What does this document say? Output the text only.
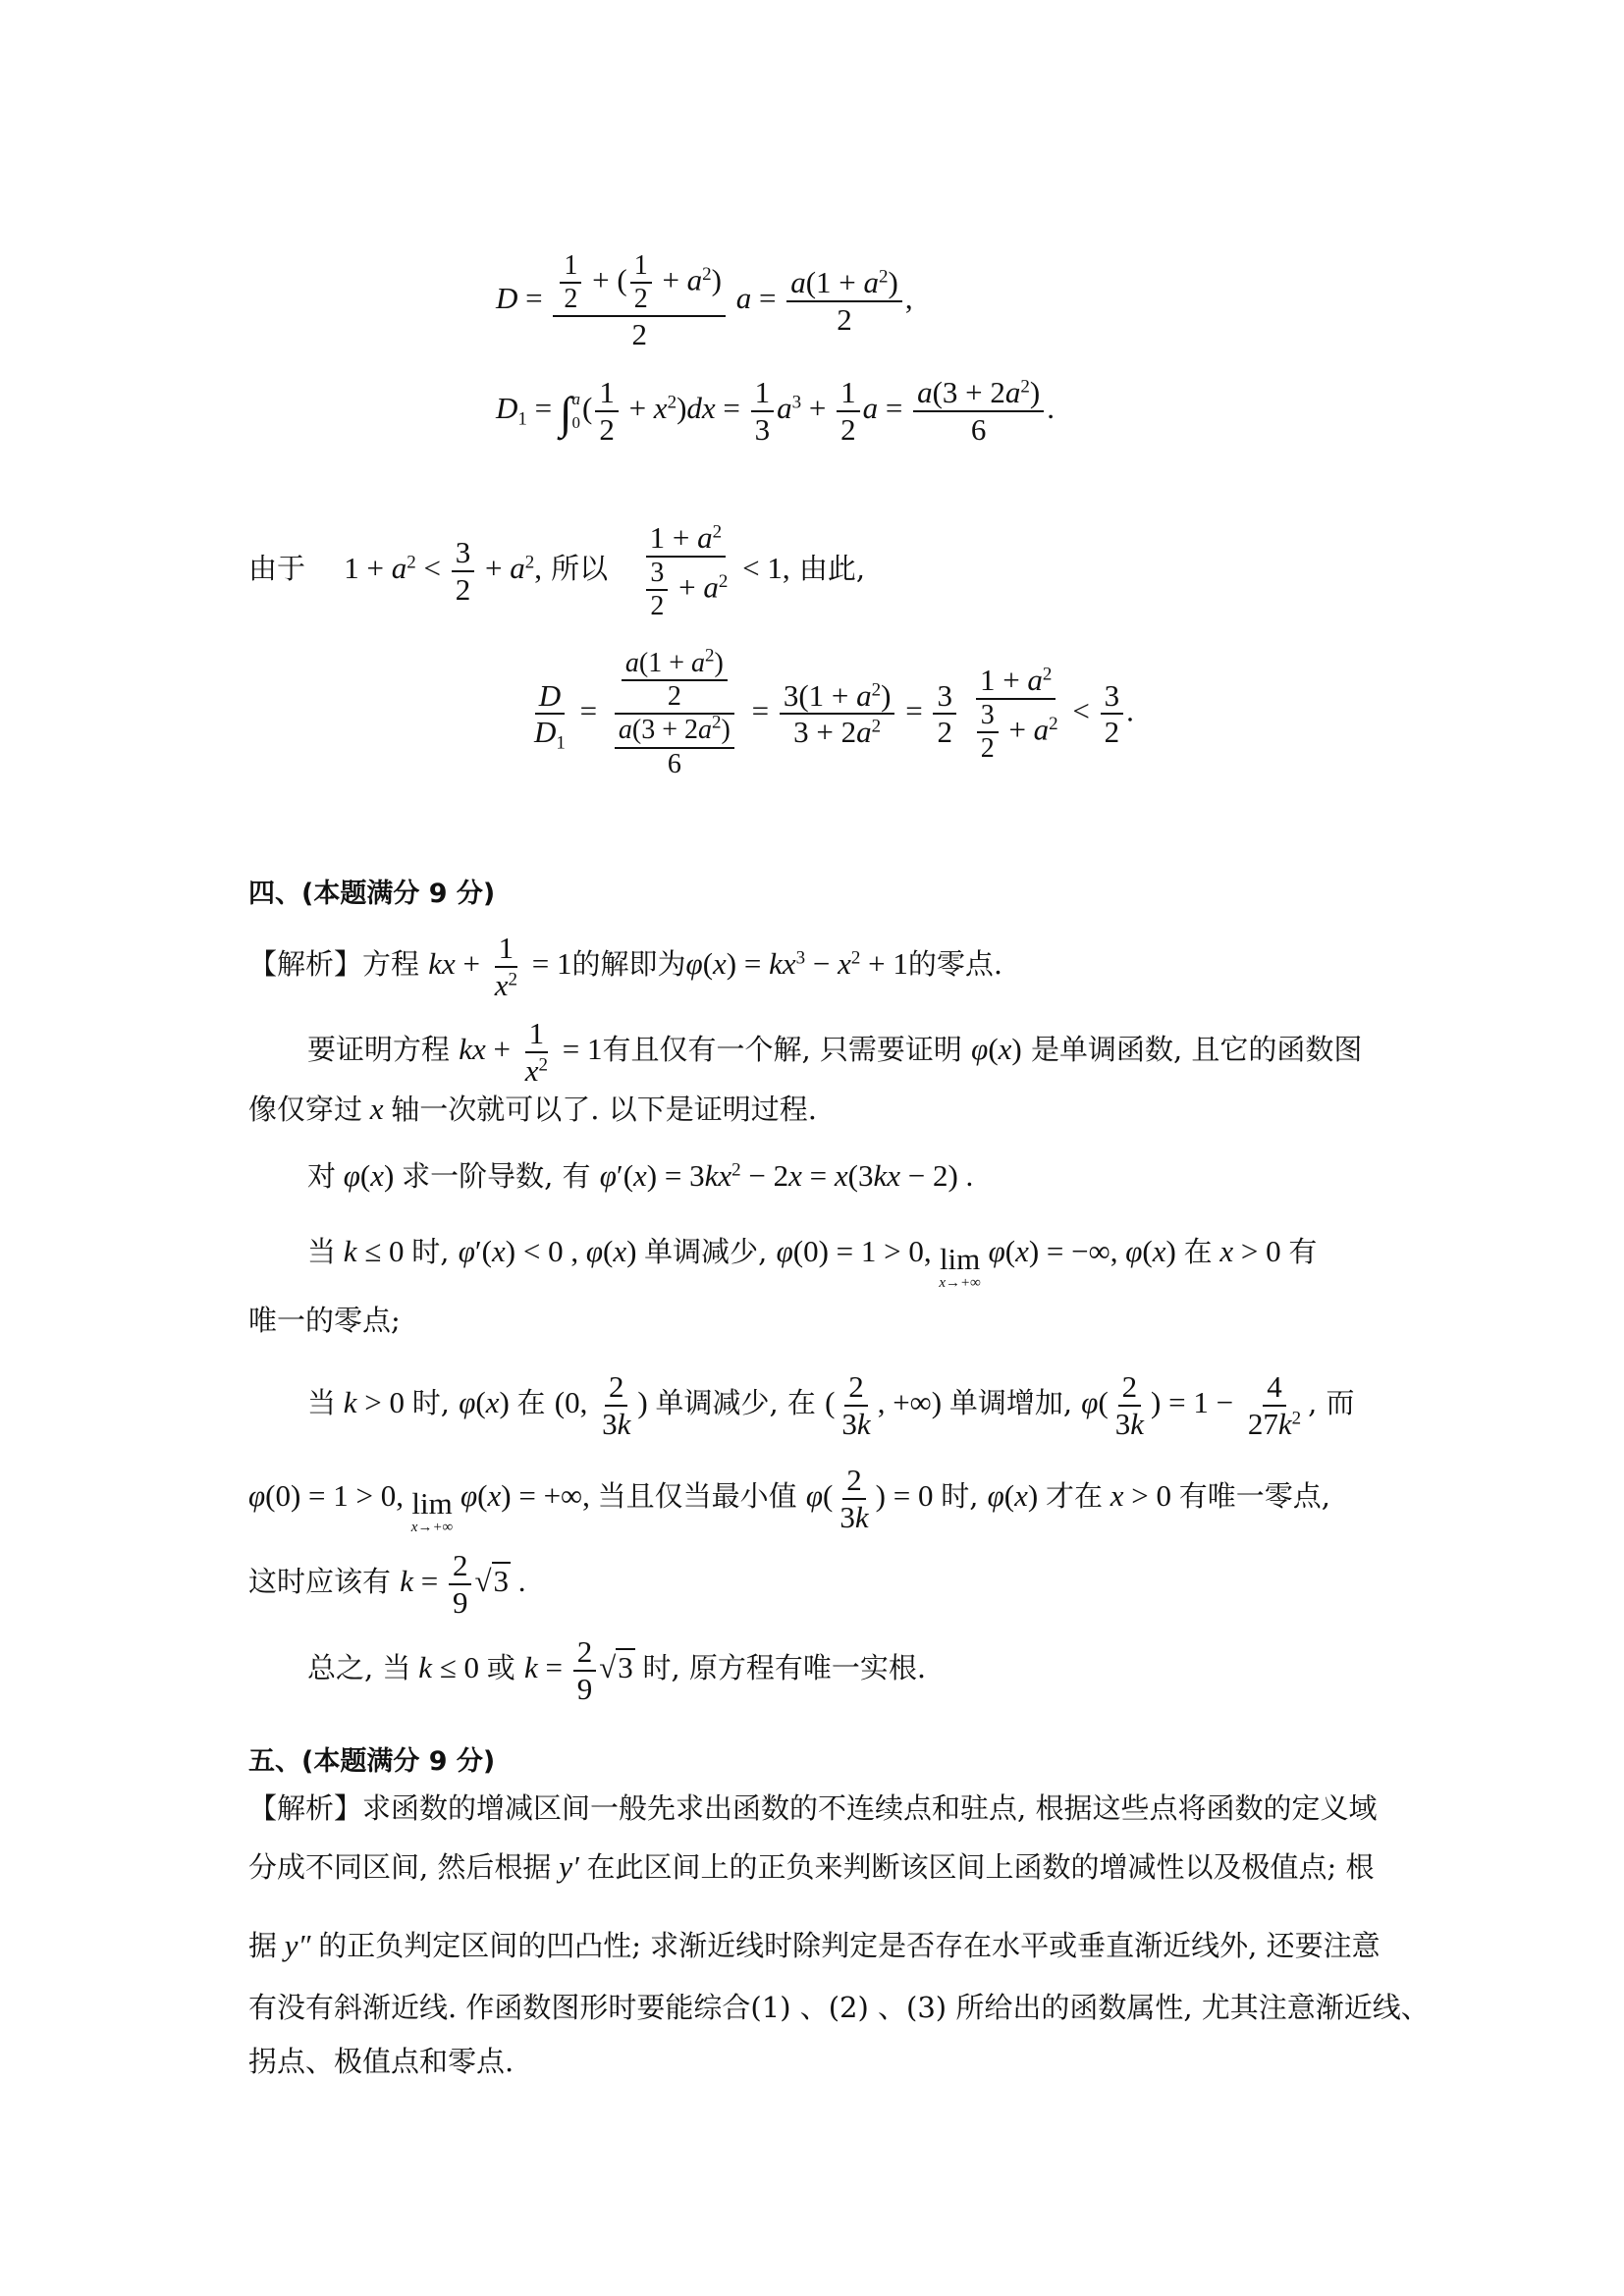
$D = \frac{\frac{1}{2} + ( \frac{1}{2} + a^2)}{2}$ $a = \frac{a(1 + a^2)}{2}$ ,
$D_1$ = ∫ a
0 ( $\frac{1}{2} + x^2)dx = \frac{1}{3} a^3 + \frac{1}{2}$ $a = \frac{a(3 + 2a^2)}{6}$ .
由于 $1 + a^2 < \frac{3}{2} + a^2$, 所以 $\frac{1 + a^2}{\frac{3}{2} + a^2} < 1$, 由此,
$\frac{D}{D_1} = \frac{\frac{a(1 + a^2)}{2}}{\frac{a(3 + 2a^2)}{6}} = \frac{3(1 + a^2)}{3 + 2a^2} = \frac{3}{2}$
$\frac{1 + a^2}{\frac{3}{2} + a^2} < \frac{3}{2}$ .
四、(本题满分 9 分)
【解析】方程 kx + $\frac{1}{x^2} = 1$的解即为$\varphi(x) = kx^3 - x^2 + 1$的零点.
要证明方程 kx + $\frac{1}{x^2} = 1$有且仅有一个解, 只需要证明 φ(x) 是单调函数, 且它的函数图
像仅穿过 x 轴一次就可以了. 以下是证明过程.
对 φ(x) 求一阶导数, 有 $\varphi'(x) = 3kx^2 - 2x = x(3kx - 2)$ .
当 k ≤ 0 时, φ′(x) < 0 , φ(x) 单调减少, φ(0) = 1 > 0, lim
x→+∞
φ(x) = −∞, φ(x) 在 x > 0 有
唯一的零点;
当 k > 0 时, φ(x) 在 (0, $\frac{2}{3k}$ ) 单调减少, 在 ( $\frac{2}{3k}$ , +∞) 单调增加, $\varphi( \frac{2}{3k}$ ) = $1 - \frac{4}{27k^2}$ , 而
φ(0) = 1 > 0, lim
x→+∞
φ(x) = +∞, 当且仅当最小值 $\varphi( \frac{2}{3k}$ ) = 0 时, φ(x) 才在 x > 0 有唯一零点,
这时应该有 $k = \frac{2}{9} √3$ .
总之, 当 k ≤ 0 或 $k = \frac{2}{9} √3$ 时, 原方程有唯一实根.
五、(本题满分 9 分)
【解析】求函数的增减区间一般先求出函数的不连续点和驻点, 根据这些点将函数的定义域
分成不同区间, 然后根据 y′ 在此区间上的正负来判断该区间上函数的增减性以及极值点; 根
据 y″ 的正负判定区间的凹凸性; 求渐近线时除判定是否存在水平或垂直渐近线外, 还要注意
有没有斜渐近线. 作函数图形时要能综合(1) 、(2) 、(3) 所给出的函数属性, 尤其注意渐近线、
拐点、极值点和零点.
